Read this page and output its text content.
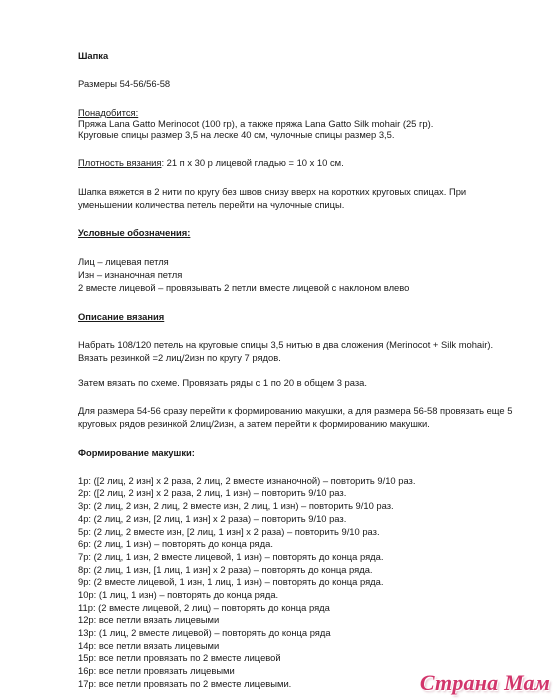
Шапка

Размеры 54-56/56-58

Понадобится:

Пряжа Lana Gatto Merinocot (100 гр), а также пряжа Lana Gatto Silk mohair (25 гр).

Круговые спицы размер 3,5 на леске 40 см, чулочные спицы размер 3,5.

Плотность вязания: 21 п х 30 р лицевой гладью = 10 х 10 см.

Шапка вяжется в 2 нити по кругу без швов снизу вверх на коротких круговых спицах. При

уменьшении количества петель перейти на чулочные спицы.

Условные обозначения:

Лиц – лицевая петля

Изн – изнаночная петля

2 вместе лицевой – провязывать 2 петли вместе лицевой с наклоном влево

Описание вязания

Набрать 108/120 петель на круговые спицы 3,5 нитью в два сложения (Merinocot + Silk mohair).

Вязать резинкой =2 лиц/2изн по кругу 7 рядов.

Затем вязать по схеме. Провязать ряды с 1 по 20 в общем 3 раза.

Для размера 54-56 сразу перейти к формированию макушки, а для размера 56-58 провязать еще 5

круговых рядов резинкой 2лиц/2изн, а затем перейти к формированию макушки.

Формирование макушки:

1р: ([2 лиц, 2 изн] х 2 раза, 2 лиц, 2 вместе изнаночной) – повторить 9/10 раз.

2р: ([2 лиц, 2 изн] х 2 раза, 2 лиц, 1 изн) – повторить 9/10 раз.

3р: (2 лиц, 2 изн, 2 лиц, 2 вместе изн, 2 лиц, 1 изн) – повторить 9/10 раз.

4р: (2 лиц, 2 изн, [2 лиц, 1 изн] х 2 раза) – повторить 9/10 раз.

5р: (2 лиц, 2 вместе изн, [2 лиц, 1 изн] х 2 раза) – повторить 9/10 раз.

6р: (2 лиц, 1 изн) – повторять до конца ряда.

7р: (2 лиц, 1 изн, 2 вместе лицевой, 1 изн) – повторять до конца ряда.

8р: (2 лиц, 1 изн, [1 лиц, 1 изн] х 2 раза) – повторять до конца ряда.

9р: (2 вместе лицевой, 1 изн, 1 лиц, 1 изн) – повторять до конца ряда.

10р: (1 лиц, 1 изн) – повторять до конца ряда.

11р: (2 вместе лицевой, 2 лиц) – повторять до конца ряда

12р: все петли вязать лицевыми

13р: (1 лиц, 2 вместе лицевой) – повторять до конца ряда

14р: все петли вязать лицевыми

15р: все петли провязать по 2 вместе лицевой

16р: все петли провязать лицевыми

17р: все петли провязать по 2 вместе лицевыми.	Страна Мам
